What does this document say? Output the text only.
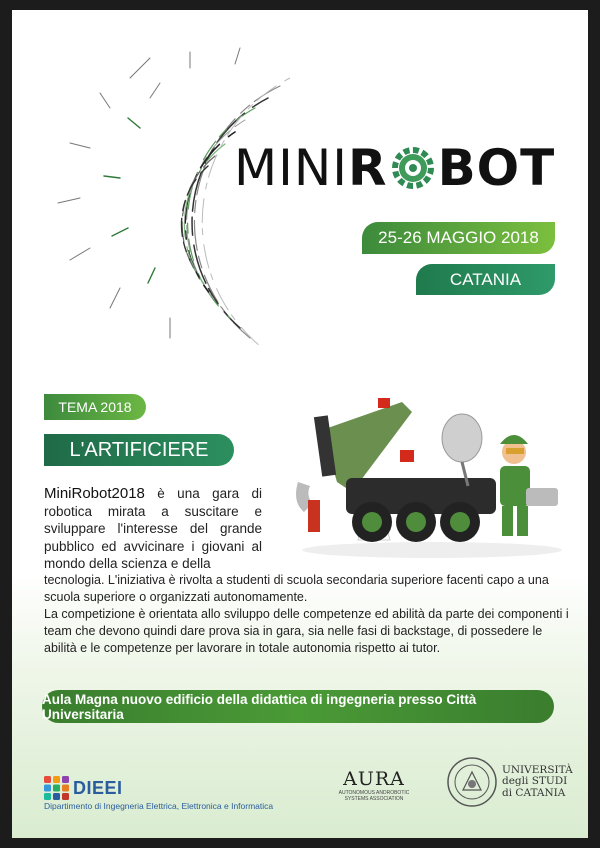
MINI R BOT
25-26 MAGGIO 2018
CATANIA
TEMA 2018
L'ARTIFICIERE
MiniRobot2018 è una gara di robotica mirata a suscitare e sviluppare l'interesse del grande pubblico ed avvicinare i giovani al mondo della scienza e della
tecnologia. L'iniziativa è rivolta a studenti di scuola secondaria superiore facenti capo a una scuola superiore o organizzati autonomamente.
La competizione è orientata allo sviluppo delle competenze ed abilità da parte dei componenti i team che devono quindi dare prova sia in gara, sia nelle fasi di backstage, di possedere le abilità e le competenze per lavorare in totale autonomia rispetto ai tutor.
Aula Magna nuovo edificio della didattica di ingegneria presso Città Universitaria
DIEEI
Dipartimento di Ingegneria Elettrica, Elettronica e Informatica
AURA
AUTONOMOUS ANDROBOTIC SYSTEMS ASSOCIATION
UNIVERSITÀ
degli STUDI
di CATANIA
